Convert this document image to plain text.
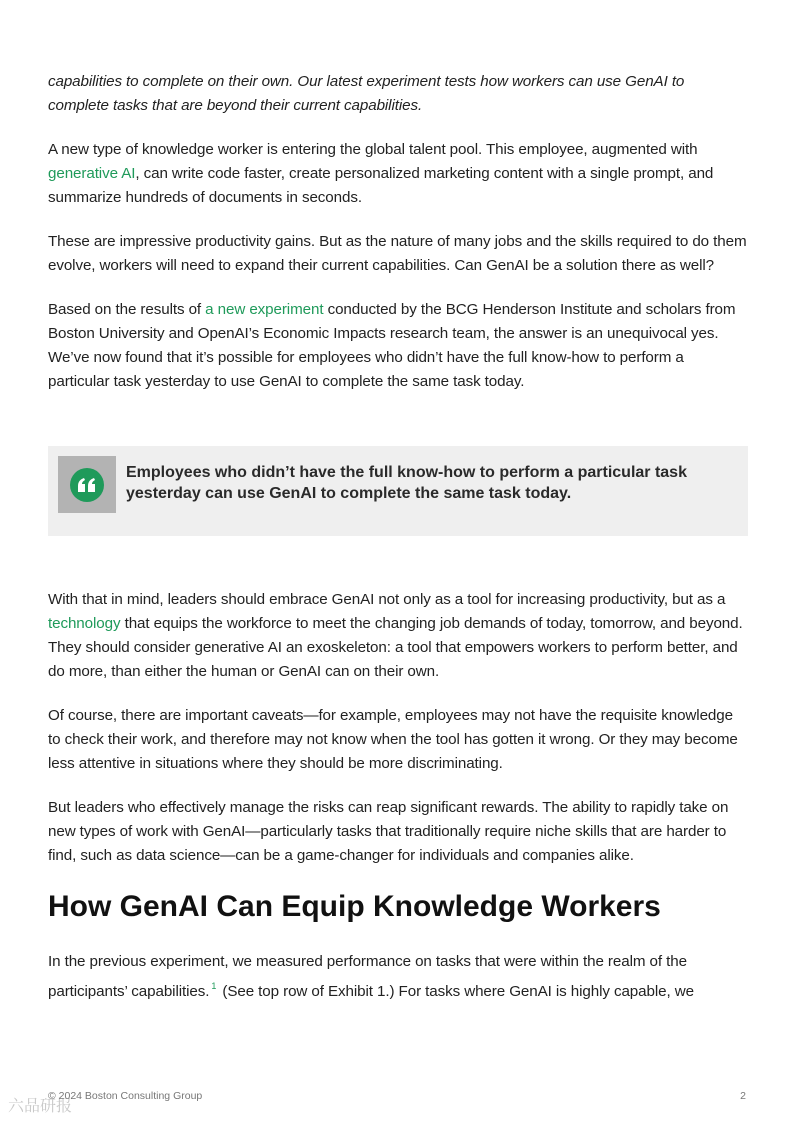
capabilities to complete on their own. Our latest experiment tests how workers can use GenAI to complete tasks that are beyond their current capabilities.

A new type of knowledge worker is entering the global talent pool. This employee, augmented with generative AI, can write code faster, create personalized marketing content with a single prompt, and summarize hundreds of documents in seconds.

These are impressive productivity gains. But as the nature of many jobs and the skills required to do them evolve, workers will need to expand their current capabilities. Can GenAI be a solution there as well?

Based on the results of a new experiment conducted by the BCG Henderson Institute and scholars from Boston University and OpenAI’s Economic Impacts research team, the answer is an unequivocal yes. We’ve now found that it’s possible for employees who didn’t have the full know-how to perform a particular task yesterday to use GenAI to complete the same task today.

Employees who didn’t have the full know-how to perform a particular task yesterday can use GenAI to complete the same task today.

With that in mind, leaders should embrace GenAI not only as a tool for increasing productivity, but as a technology that equips the workforce to meet the changing job demands of today, tomorrow, and beyond. They should consider generative AI an exoskeleton: a tool that empowers workers to perform better, and do more, than either the human or GenAI can on their own.

Of course, there are important caveats—for example, employees may not have the requisite knowledge to check their work, and therefore may not know when the tool has gotten it wrong. Or they may become less attentive in situations where they should be more discriminating.

But leaders who effectively manage the risks can reap significant rewards. The ability to rapidly take on new types of work with GenAI—particularly tasks that traditionally require niche skills that are harder to find, such as data science—can be a game-changer for individuals and companies alike.

How GenAI Can Equip Knowledge Workers

In the previous experiment, we measured performance on tasks that were within the realm of the participants’ capabilities. $^1$ (See top row of Exhibit 1.) For tasks where GenAI is highly capable, we

六品研报
© 2024 Boston Consulting Group	2
